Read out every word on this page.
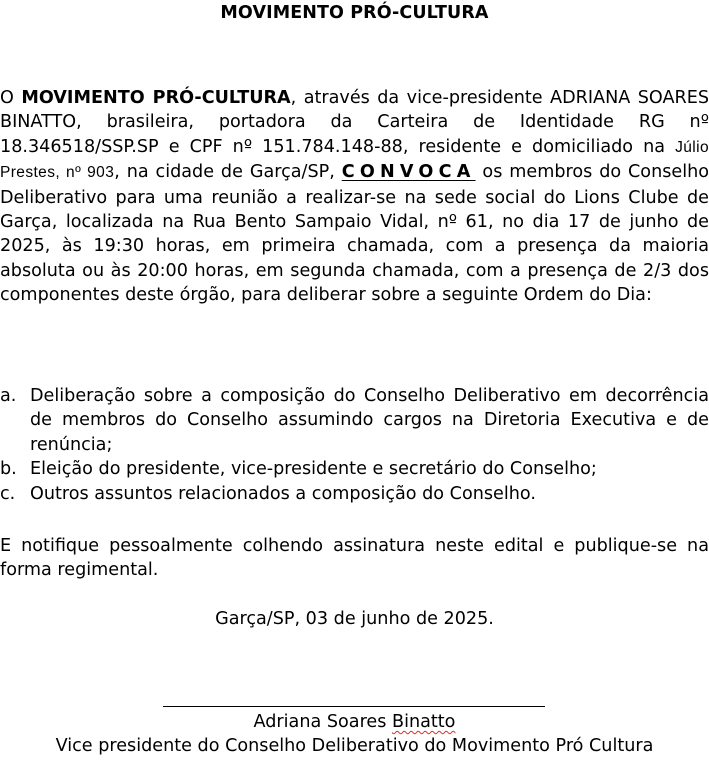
MOVIMENTO PRÓ-CULTURA

O MOVIMENTO PRÓ-CULTURA, através da vice-presidente ADRIANA SOARES BINATTO, brasileira, portadora da Carteira de Identidade RG nº 18.346518/SSP.SP e CPF nº 151.784.148-88, residente e domiciliado na Júlio Prestes, nº 903, na cidade de Garça/SP, CONVOCA os membros do Conselho Deliberativo para uma reunião a realizar-se na sede social do Lions Clube de Garça, localizada na Rua Bento Sampaio Vidal, nº 61, no dia 17 de junho de 2025, às 19:30 horas, em primeira chamada, com a presença da maioria absoluta ou às 20:00 horas, em segunda chamada, com a presença de 2/3 dos componentes deste órgão, para deliberar sobre a seguinte Ordem do Dia:

a. Deliberação sobre a composição do Conselho Deliberativo em decorrência de membros do Conselho assumindo cargos na Diretoria Executiva e de renúncia;
b. Eleição do presidente, vice-presidente e secretário do Conselho;
c. Outros assuntos relacionados a composição do Conselho.

E notifique pessoalmente colhendo assinatura neste edital e publique-se na forma regimental.

Garça/SP, 03 de junho de 2025.
Adriana Soares Binatto
Vice presidente do Conselho Deliberativo do Movimento Pró Cultura
